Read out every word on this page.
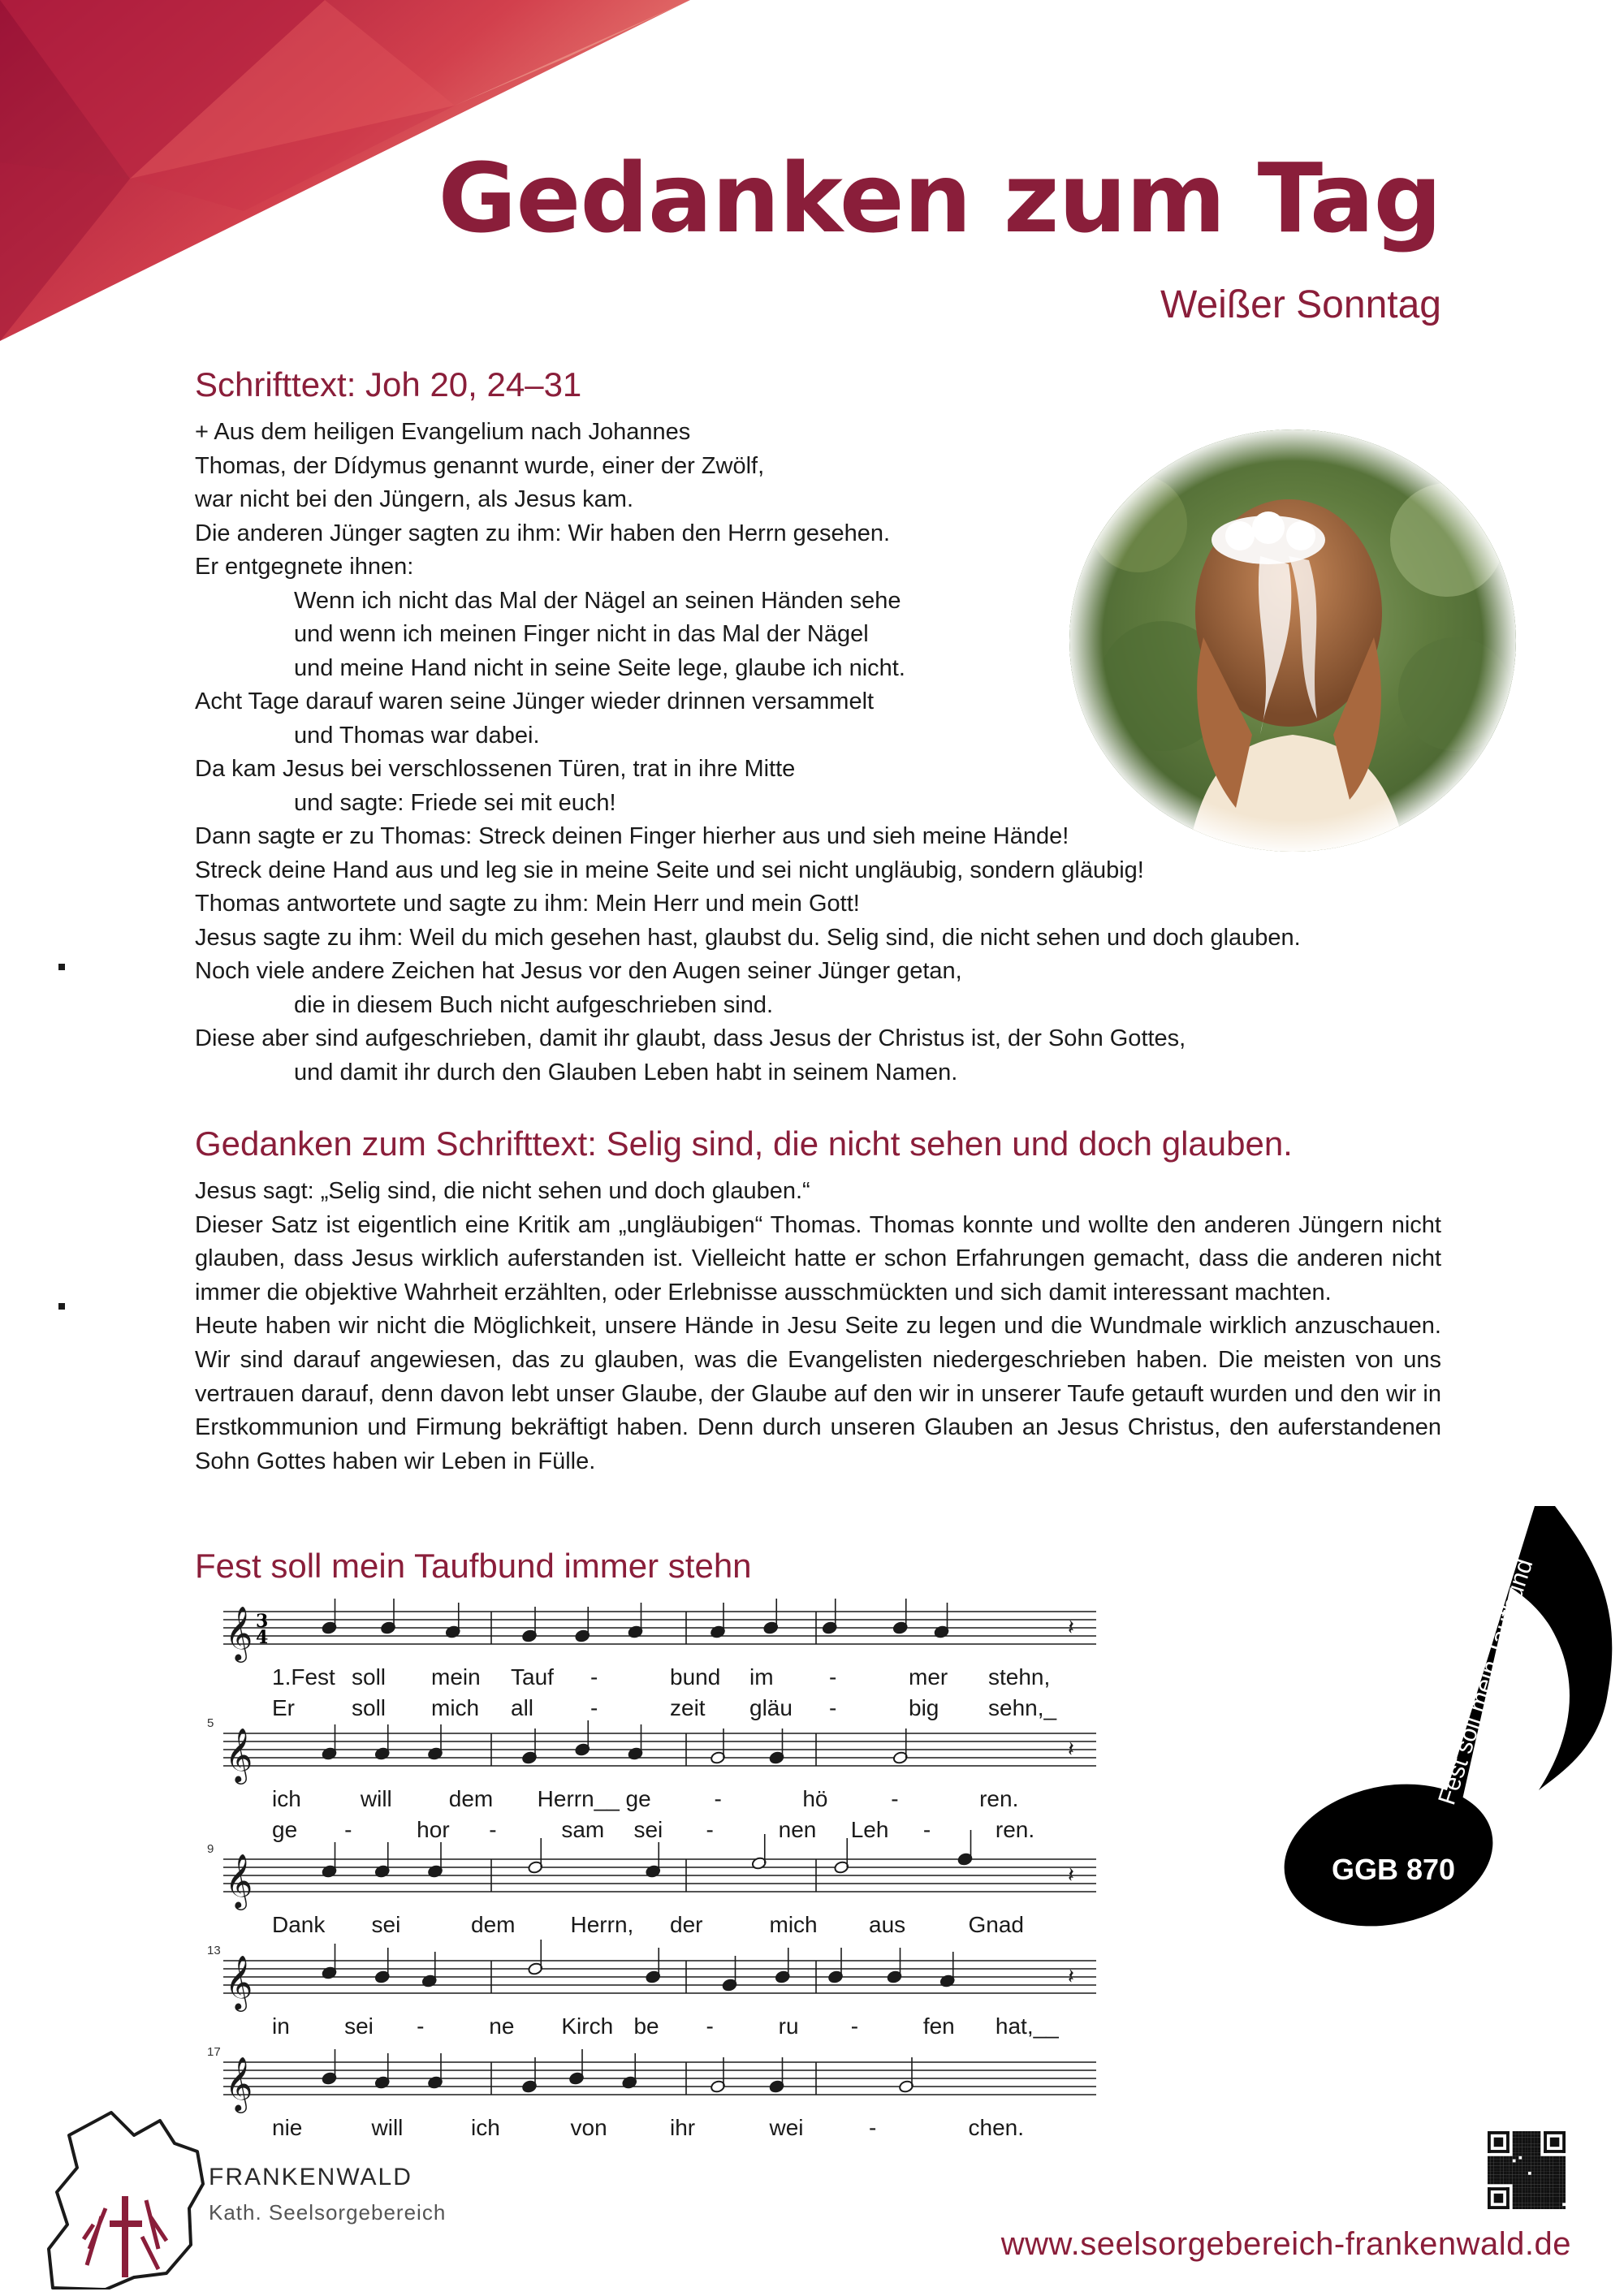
Gedanken zum Tag
Weißer Sonntag
Schrifttext: Joh 20, 24–31
+ Aus dem heiligen Evangelium nach Johannes
Thomas, der Dídymus genannt wurde, einer der Zwölf,
war nicht bei den Jüngern, als Jesus kam.
Die anderen Jünger sagten zu ihm: Wir haben den Herrn gesehen.
Er entgegnete ihnen:
Wenn ich nicht das Mal der Nägel an seinen Händen sehe
und wenn ich meinen Finger nicht in das Mal der Nägel
und meine Hand nicht in seine Seite lege, glaube ich nicht.
Acht Tage darauf waren seine Jünger wieder drinnen versammelt
und Thomas war dabei.
Da kam Jesus bei verschlossenen Türen, trat in ihre Mitte
und sagte: Friede sei mit euch!
Dann sagte er zu Thomas: Streck deinen Finger hierher aus und sieh meine Hände!
Streck deine Hand aus und leg sie in meine Seite und sei nicht ungläubig, sondern gläubig!
Thomas antwortete und sagte zu ihm: Mein Herr und mein Gott!
Jesus sagte zu ihm: Weil du mich gesehen hast, glaubst du. Selig sind, die nicht sehen und doch glauben.
Noch viele andere Zeichen hat Jesus vor den Augen seiner Jünger getan,
die in diesem Buch nicht aufgeschrieben sind.
Diese aber sind aufgeschrieben, damit ihr glaubt, dass Jesus der Christus ist, der Sohn Gottes,
und damit ihr durch den Glauben Leben habt in seinem Namen.
Gedanken zum Schrifttext: Selig sind, die nicht sehen und doch glauben.

Jesus sagt: „Selig sind, die nicht sehen und doch glauben.“

Dieser Satz ist eigentlich eine Kritik am „ungläubigen“ Thomas. Thomas konnte und wollte den anderen Jüngern nicht glauben, dass Jesus wirklich auferstanden ist. Vielleicht hatte er schon Erfahrungen gemacht, dass die anderen nicht immer die objektive Wahrheit erzählten, oder Erlebnisse ausschmückten und sich damit interessant machten.

Heute haben wir nicht die Möglichkeit, unsere Hände in Jesu Seite zu legen und die Wundmale wirklich anzuschauen. Wir sind darauf angewiesen, das zu glauben, was die Evangelisten niedergeschrieben haben. Die meisten von uns vertrauen darauf, denn davon lebt unser Glaube, der Glaube auf den wir in unserer Taufe getauft wurden und den wir in Erstkommunion und Firmung bekräftigt haben. Denn durch unseren Glauben an Jesus Christus, den auferstandenen Sohn Gottes haben wir Leben in Fülle.

Fest soll mein Taufbund immer stehn
𝄞 3
4	𝄽
1.Fest soll mein Tauf -	bund im -	mer stehn,
Er	soll mich all -	zeit gläu -	big sehn,_
𝄞
5
𝄽
ich	will dem Herrn__ ge	-	hö	-	ren.
ge -	hor -	sam sei -	nen Leh -	ren.
𝄞
9
𝄽
Dank sei	dem Herrn, der	mich aus	Gnad
𝄞
13
𝄽
in sei -	ne Kirch be -	ru -	fen hat,__
𝄞
17
nie	will	ich	von	ihr	wei	-	chen.
GGB 870
Fest soll mein Taufbund
FRANKENWALD
Kath. Seelsorgebereich
www.seelsorgebereich-frankenwald.de
